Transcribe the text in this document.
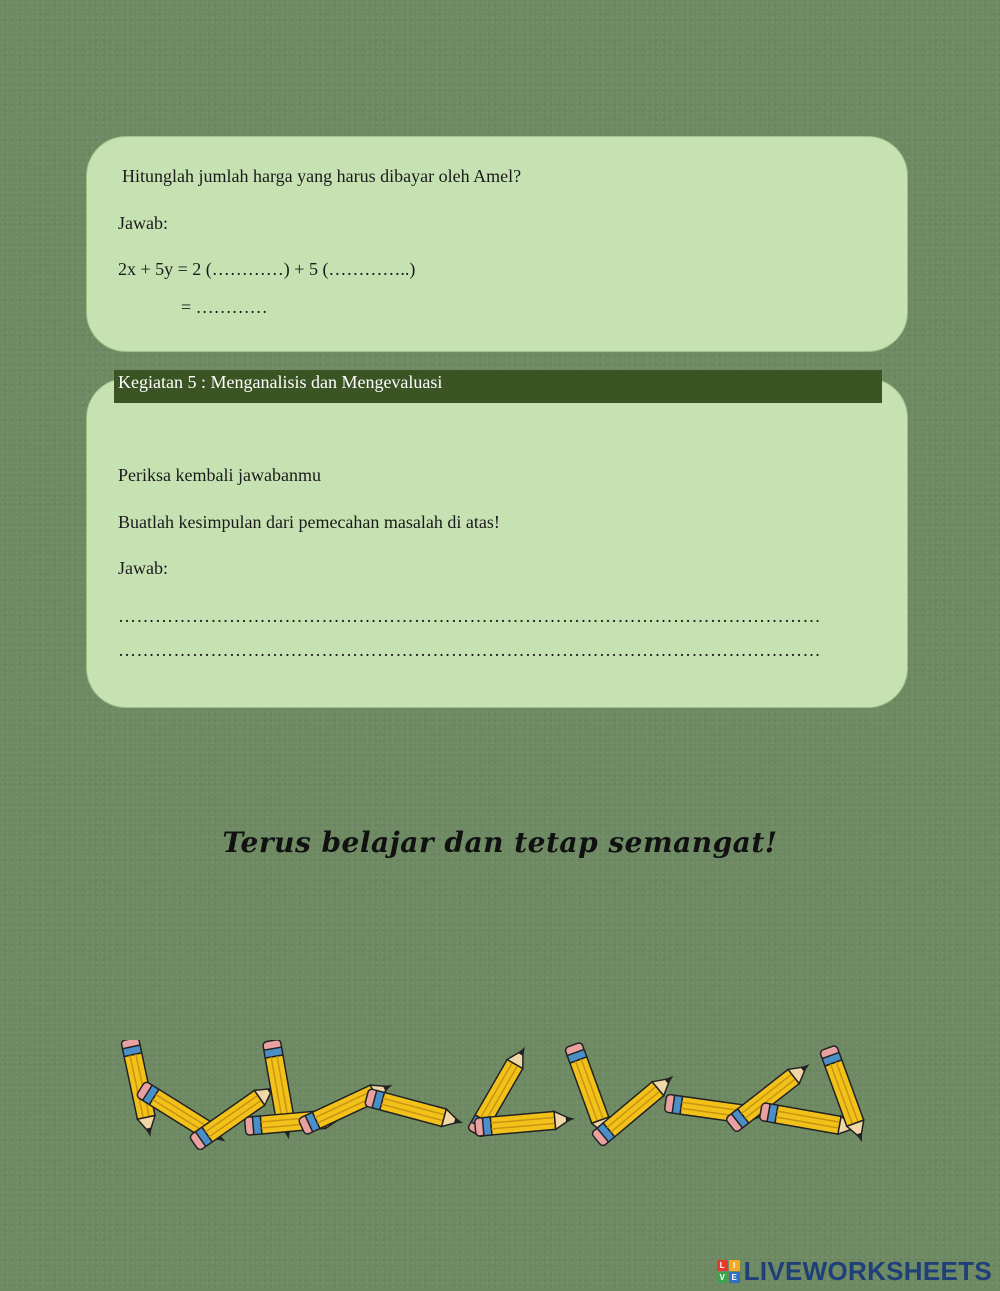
Hitunglah jumlah harga yang harus dibayar oleh Amel?
Jawab:
2x + 5y = 2 (…………) + 5 (…………..)
= …………
Kegiatan 5 : Menganalisis dan Mengevaluasi
Periksa kembali jawabanmu
Buatlah kesimpulan dari pemecahan masalah di atas!
Jawab:
……………………………………………………………………………………………………
……………………………………………………………………………………………………
Terus belajar dan tetap semangat!
L	I
V E LIVEWORKSHEETS
